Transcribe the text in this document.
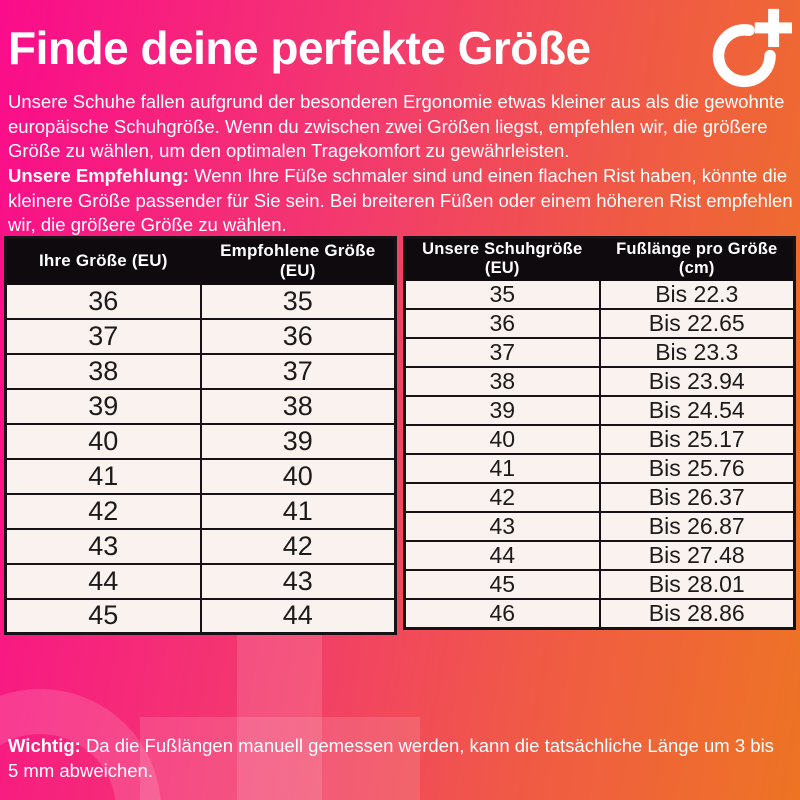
Finde deine perfekte Größe

Unsere Schuhe fallen aufgrund der besonderen Ergonomie etwas kleiner aus als die gewohnte europäische Schuhgröße. Wenn du zwischen zwei Größen liegst, empfehlen wir, die größere Größe zu wählen, um den optimalen Tragekomfort zu gewährleisten.

Unsere Empfehlung: Wenn Ihre Füße schmaler sind und einen flachen Rist haben, könnte die kleinere Größe passender für Sie sein. Bei breiteren Füßen oder einem höheren Rist empfehlen wir, die größere Größe zu wählen.

Ihre Größe (EU)	Empfohlene Größe (EU)
36	35
37	36
38	37
39	38
40	39
41	40
42	41
43	42
44	43
45	44
Unsere Schuhgröße (EU)	Fußlänge pro Größe (cm)
35	Bis 22.3
36	Bis 22.65
37	Bis 23.3
38	Bis 23.94
39	Bis 24.54
40	Bis 25.17
41	Bis 25.76
42	Bis 26.37
43	Bis 26.87
44	Bis 27.48
45	Bis 28.01
46	Bis 28.86

Wichtig: Da die Fußlängen manuell gemessen werden, kann die tatsächliche Länge um 3 bis 5 mm abweichen.
